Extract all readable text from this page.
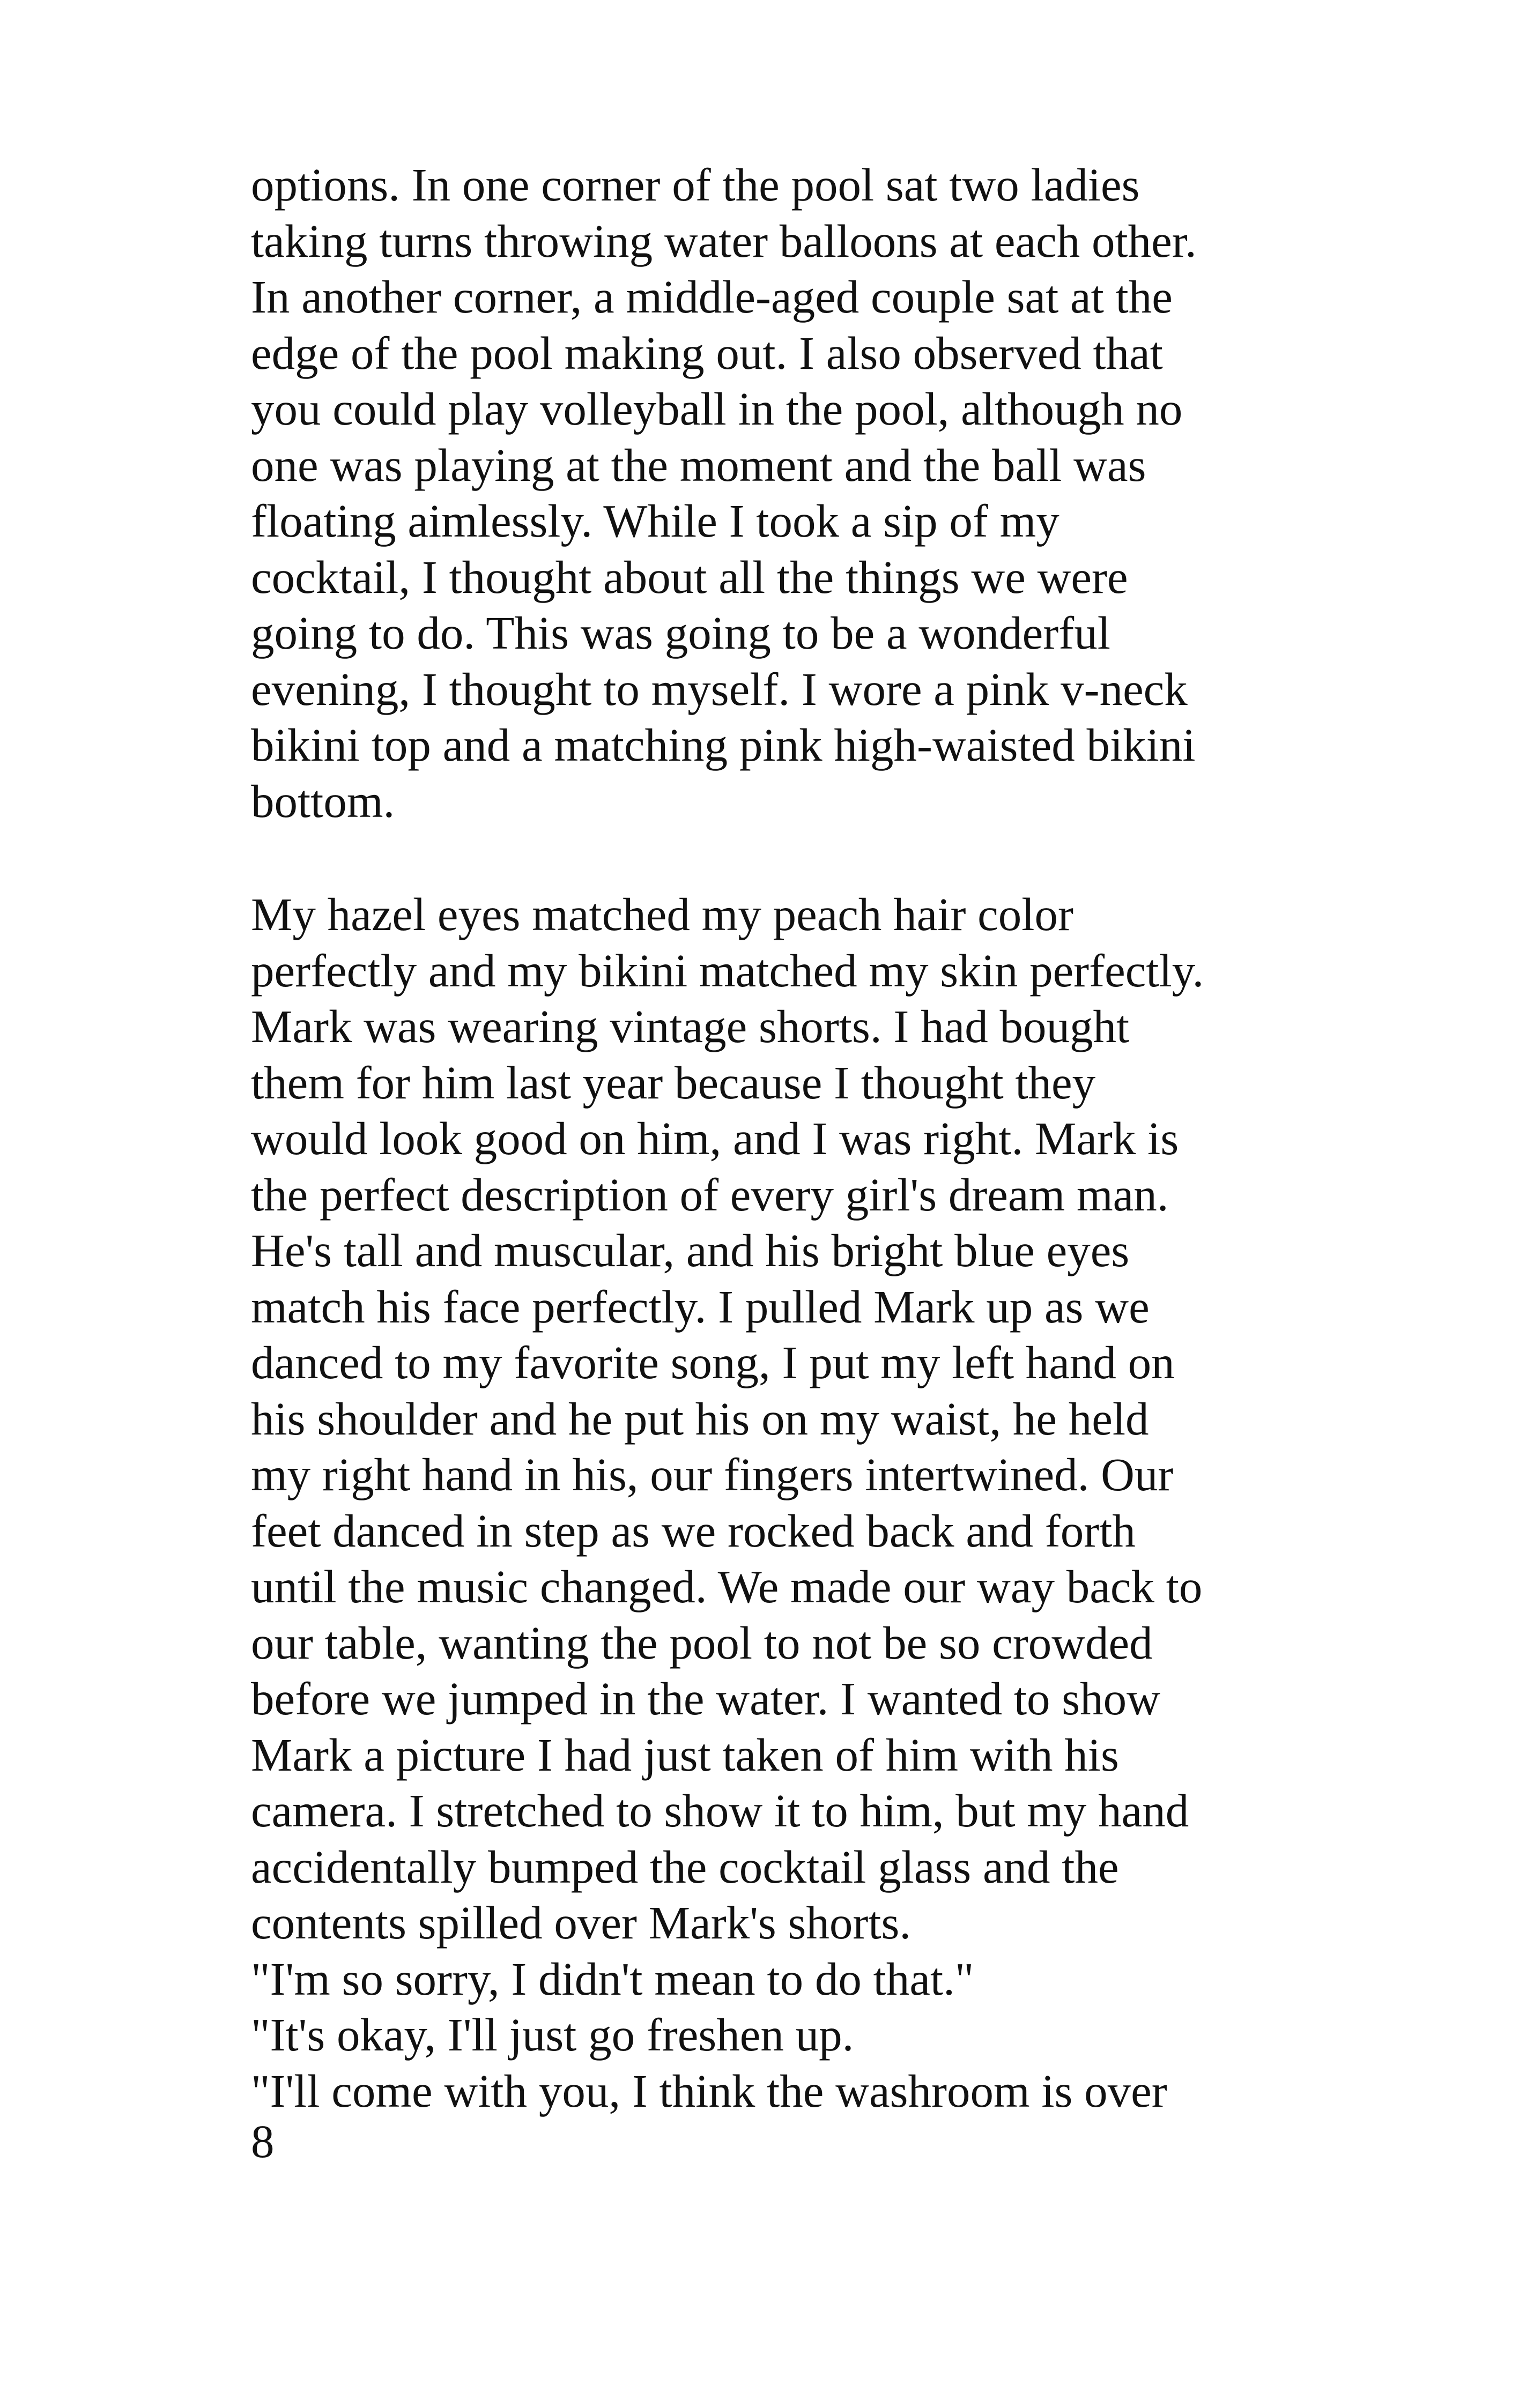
options. In one corner of the pool sat two ladies
taking turns throwing water balloons at each other.
In another corner, a middle-aged couple sat at the
edge of the pool making out. I also observed that
you could play volleyball in the pool, although no
one was playing at the moment and the ball was
floating aimlessly. While I took a sip of my
cocktail, I thought about all the things we were
going to do. This was going to be a wonderful
evening, I thought to myself. I wore a pink v-neck
bikini top and a matching pink high-waisted bikini
bottom.
My hazel eyes matched my peach hair color
perfectly and my bikini matched my skin perfectly.
Mark was wearing vintage shorts. I had bought
them for him last year because I thought they
would look good on him, and I was right. Mark is
the perfect description of every girl's dream man.
He's tall and muscular, and his bright blue eyes
match his face perfectly. I pulled Mark up as we
danced to my favorite song, I put my left hand on
his shoulder and he put his on my waist, he held
my right hand in his, our fingers intertwined. Our
feet danced in step as we rocked back and forth
until the music changed. We made our way back to
our table, wanting the pool to not be so crowded
before we jumped in the water. I wanted to show
Mark a picture I had just taken of him with his
camera. I stretched to show it to him, but my hand
accidentally bumped the cocktail glass and the
contents spilled over Mark's shorts.
"I'm so sorry, I didn't mean to do that."
"It's okay, I'll just go freshen up.
"I'll come with you, I think the washroom is over
8
